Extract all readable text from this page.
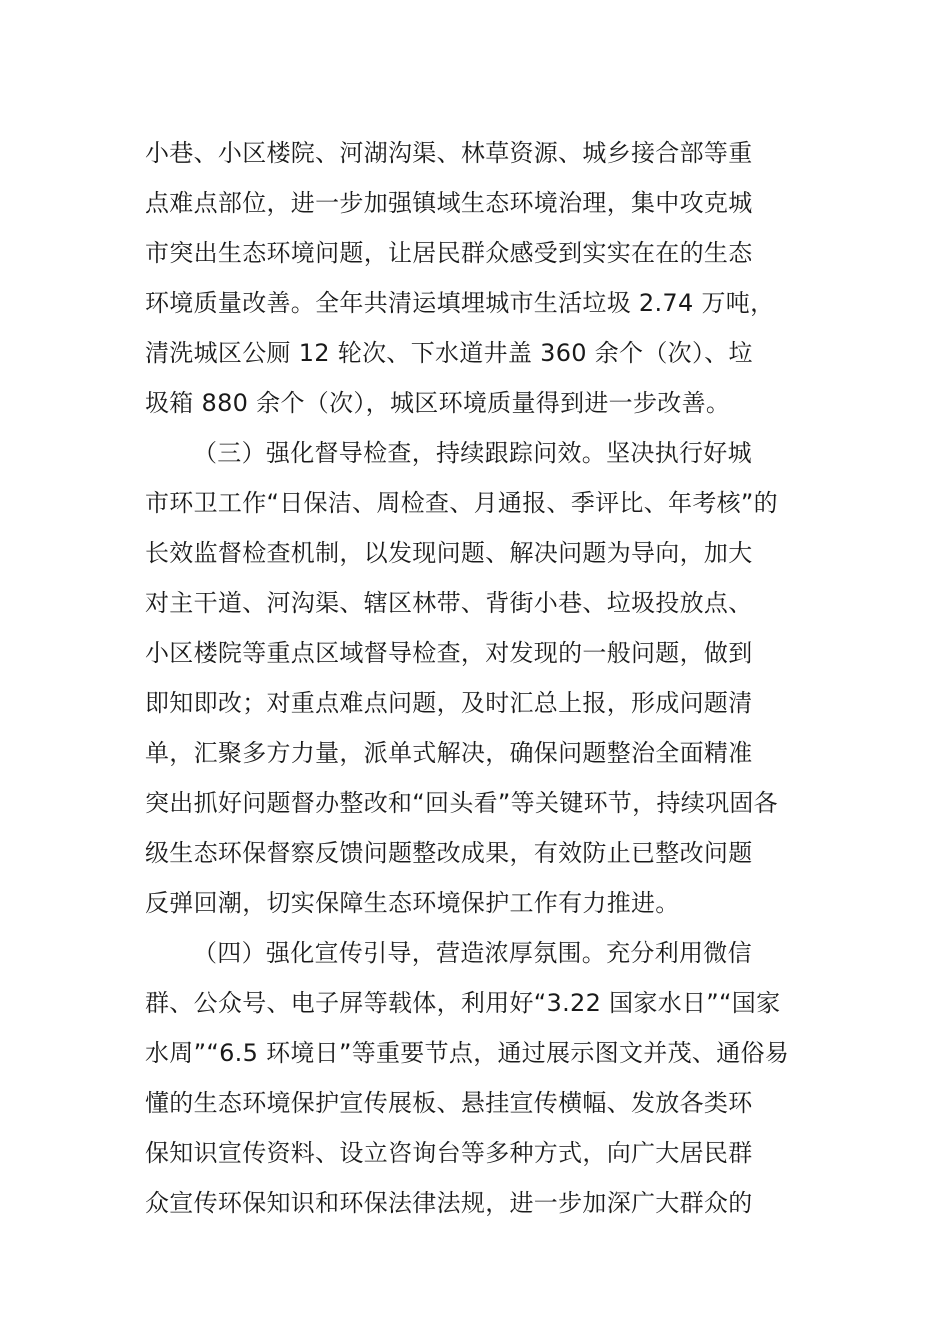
小巷、小区楼院、河湖沟渠、林草资源、城乡接合部等重
点难点部位，进一步加强镇域生态环境治理，集中攻克城
市突出生态环境问题，让居民群众感受到实实在在的生态
环境质量改善。全年共清运填埋城市生活垃圾 2.74 万吨，
清洗城区公厕 12 轮次、下水道井盖 360 余个（次）、垃
圾箱 880 余个（次），城区环境质量得到进一步改善。
（三）强化督导检查，持续跟踪问效。坚决执行好城
市环卫工作“日保洁、周检查、月通报、季评比、年考核”的
长效监督检查机制，以发现问题、解决问题为导向，加大
对主干道、河沟渠、辖区林带、背街小巷、垃圾投放点、
小区楼院等重点区域督导检查，对发现的一般问题，做到
即知即改；对重点难点问题，及时汇总上报，形成问题清
单，汇聚多方力量，派单式解决，确保问题整治全面精准
突出抓好问题督办整改和“回头看”等关键环节，持续巩固各
级生态环保督察反馈问题整改成果，有效防止已整改问题
反弹回潮，切实保障生态环境保护工作有力推进。
（四）强化宣传引导，营造浓厚氛围。充分利用微信
群、公众号、电子屏等载体，利用好“3.22 国家水日”“国家
水周”“6.5 环境日”等重要节点，通过展示图文并茂、通俗易
懂的生态环境保护宣传展板、悬挂宣传横幅、发放各类环
保知识宣传资料、设立咨询台等多种方式，向广大居民群
众宣传环保知识和环保法律法规，进一步加深广大群众的
